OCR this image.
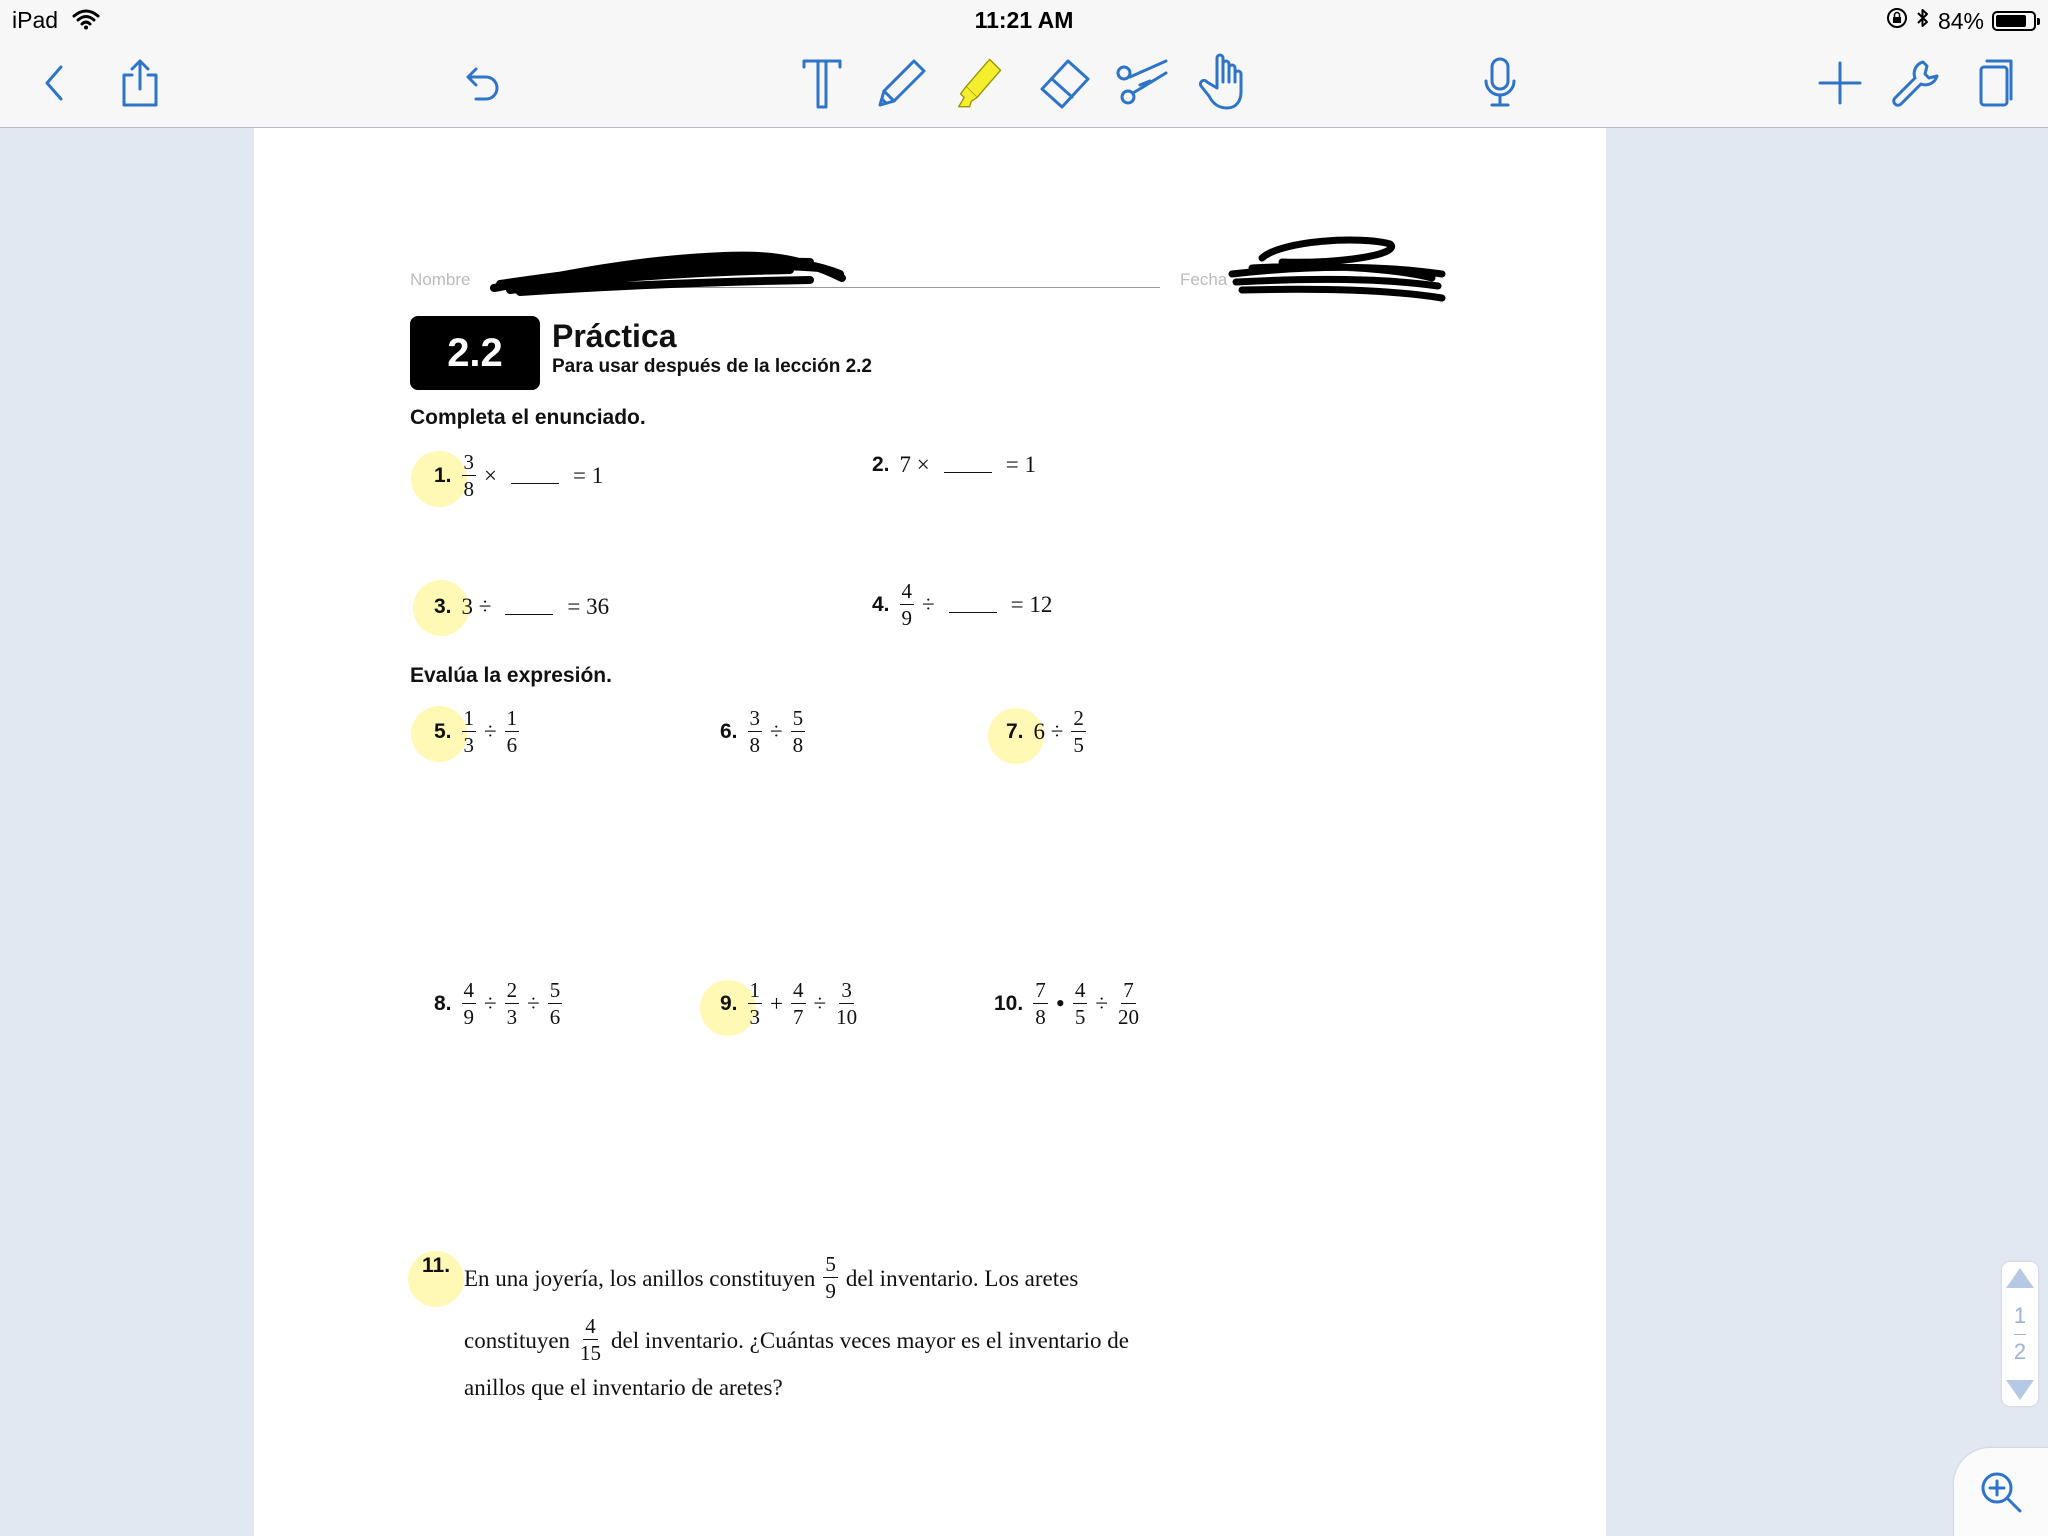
iPad	11:21 AM	84%
Nombre	Fecha
2.2	Práctica
Para usar después de la lección 2.2
Completa el enunciado.
1. $\frac{3}{8}$ ×	= 1	2. 7 ×	= 1
3. 3 ÷	= 36	4. $\frac{4}{9}$ ÷	= 12
Evalúa la expresión.
5. $\frac{1}{3} \div \frac{1}{6}$	6. $\frac{3}{8} \div \frac{5}{8}$	7. $6 \div \frac{2}{5}$
8. $\frac{4}{9} \div \frac{2}{3} \div \frac{5}{6}$	9. $\frac{1}{3} + \frac{4}{7} \div \frac{3}{10}$	10. $\frac{7}{8}$ • $\frac{4}{5} \div \frac{7}{20}$
11. En una joyería, los anillos constituyen $\frac{5}{9}$ del inventario. Los aretes
constituyen $\frac{4}{15}$ del inventario. ¿Cuántas veces mayor es el inventario de
anillos que el inventario de aretes?
1
2
